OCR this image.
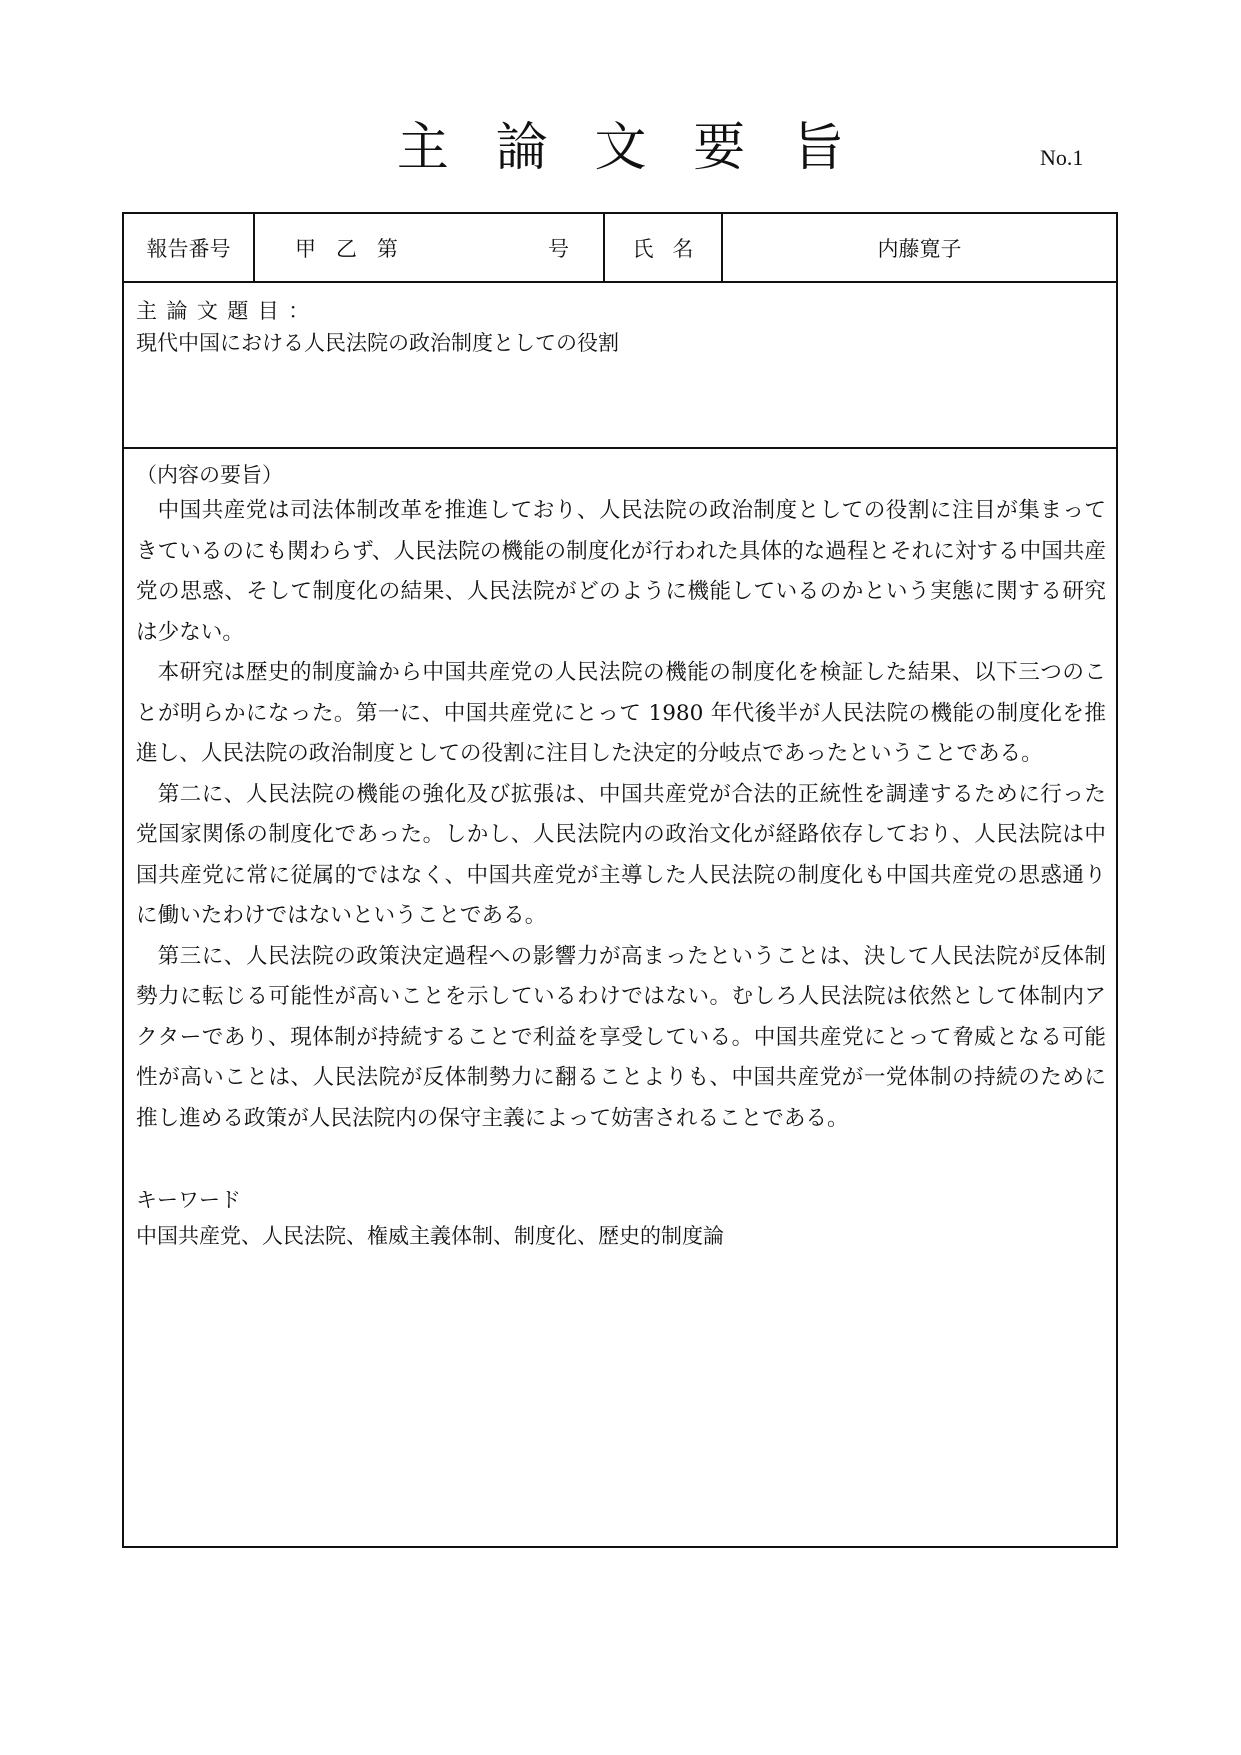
主論文要旨	No.1
報告番号	甲乙第	号	氏名	内藤寛子
主論文題目：
現代中国における人民法院の政治制度としての役割
（内容の要旨）

中国共産党は司法体制改革を推進しており、人民法院の政治制度としての役割に注目が集まってきているのにも関わらず、人民法院の機能の制度化が行われた具体的な過程とそれに対する中国共産党の思惑、そして制度化の結果、人民法院がどのように機能しているのかという実態に関する研究は少ない。

本研究は歴史的制度論から中国共産党の人民法院の機能の制度化を検証した結果、以下三つのことが明らかになった。第一に、中国共産党にとって 1980 年代後半が人民法院の機能の制度化を推進し、人民法院の政治制度としての役割に注目した決定的分岐点であったということである。

第二に、人民法院の機能の強化及び拡張は、中国共産党が合法的正統性を調達するために行った党国家関係の制度化であった。しかし、人民法院内の政治文化が経路依存しており、人民法院は中国共産党に常に従属的ではなく、中国共産党が主導した人民法院の制度化も中国共産党の思惑通りに働いたわけではないということである。

第三に、人民法院の政策決定過程への影響力が高まったということは、決して人民法院が反体制勢力に転じる可能性が高いことを示しているわけではない。むしろ人民法院は依然として体制内アクターであり、現体制が持続することで利益を享受している。中国共産党にとって脅威となる可能性が高いことは、人民法院が反体制勢力に翻ることよりも、中国共産党が一党体制の持続のために推し進める政策が人民法院内の保守主義によって妨害されることである。

キーワード
中国共産党、人民法院、権威主義体制、制度化、歴史的制度論
